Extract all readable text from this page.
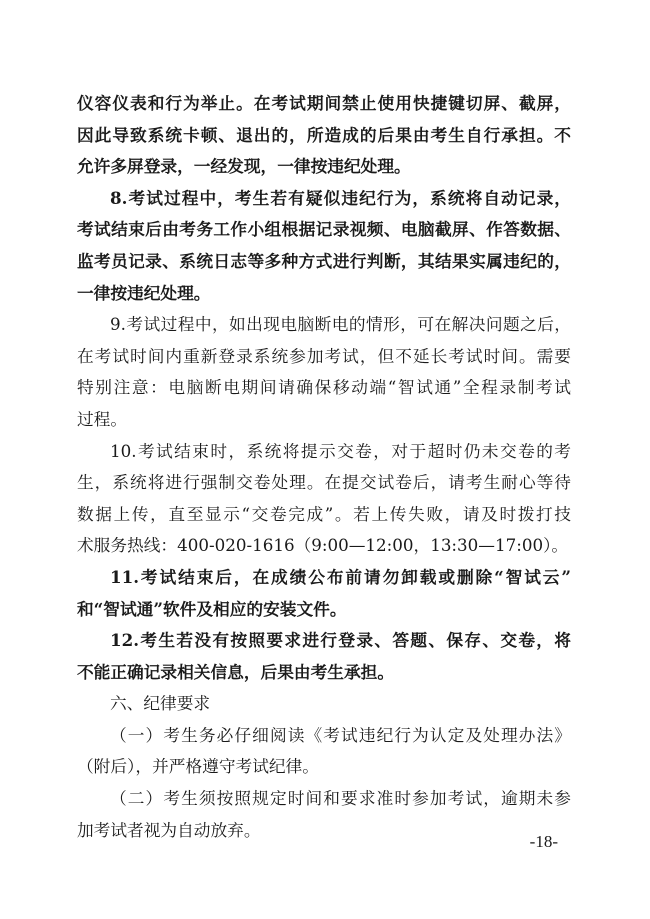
仪容仪表和行为举止。在考试期间禁止使用快捷键切屏、截屏，
因此导致系统卡顿、退出的，所造成的后果由考生自行承担。不
允许多屏登录，一经发现，一律按违纪处理。
8.考试过程中，考生若有疑似违纪行为，系统将自动记录，
考试结束后由考务工作小组根据记录视频、电脑截屏、作答数据、
监考员记录、系统日志等多种方式进行判断，其结果实属违纪的，
一律按违纪处理。
9.考试过程中，如出现电脑断电的情形，可在解决问题之后，
在考试时间内重新登录系统参加考试，但不延长考试时间。需要
特别注意：电脑断电期间请确保移动端“智试通”全程录制考试
过程。
10.考试结束时，系统将提示交卷，对于超时仍未交卷的考
生，系统将进行强制交卷处理。在提交试卷后，请考生耐心等待
数据上传，直至显示“交卷完成”。若上传失败，请及时拨打技
术服务热线：400-020-1616（9:00—12:00，13:30—17:00）。
11.考试结束后，在成绩公布前请勿卸载或删除“智试云”
和“智试通”软件及相应的安装文件。
12.考生若没有按照要求进行登录、答题、保存、交卷，将
不能正确记录相关信息，后果由考生承担。
六、纪律要求
（一）考生务必仔细阅读《考试违纪行为认定及处理办法》
（附后），并严格遵守考试纪律。
（二）考生须按照规定时间和要求准时参加考试，逾期未参
加考试者视为自动放弃。
-18-
